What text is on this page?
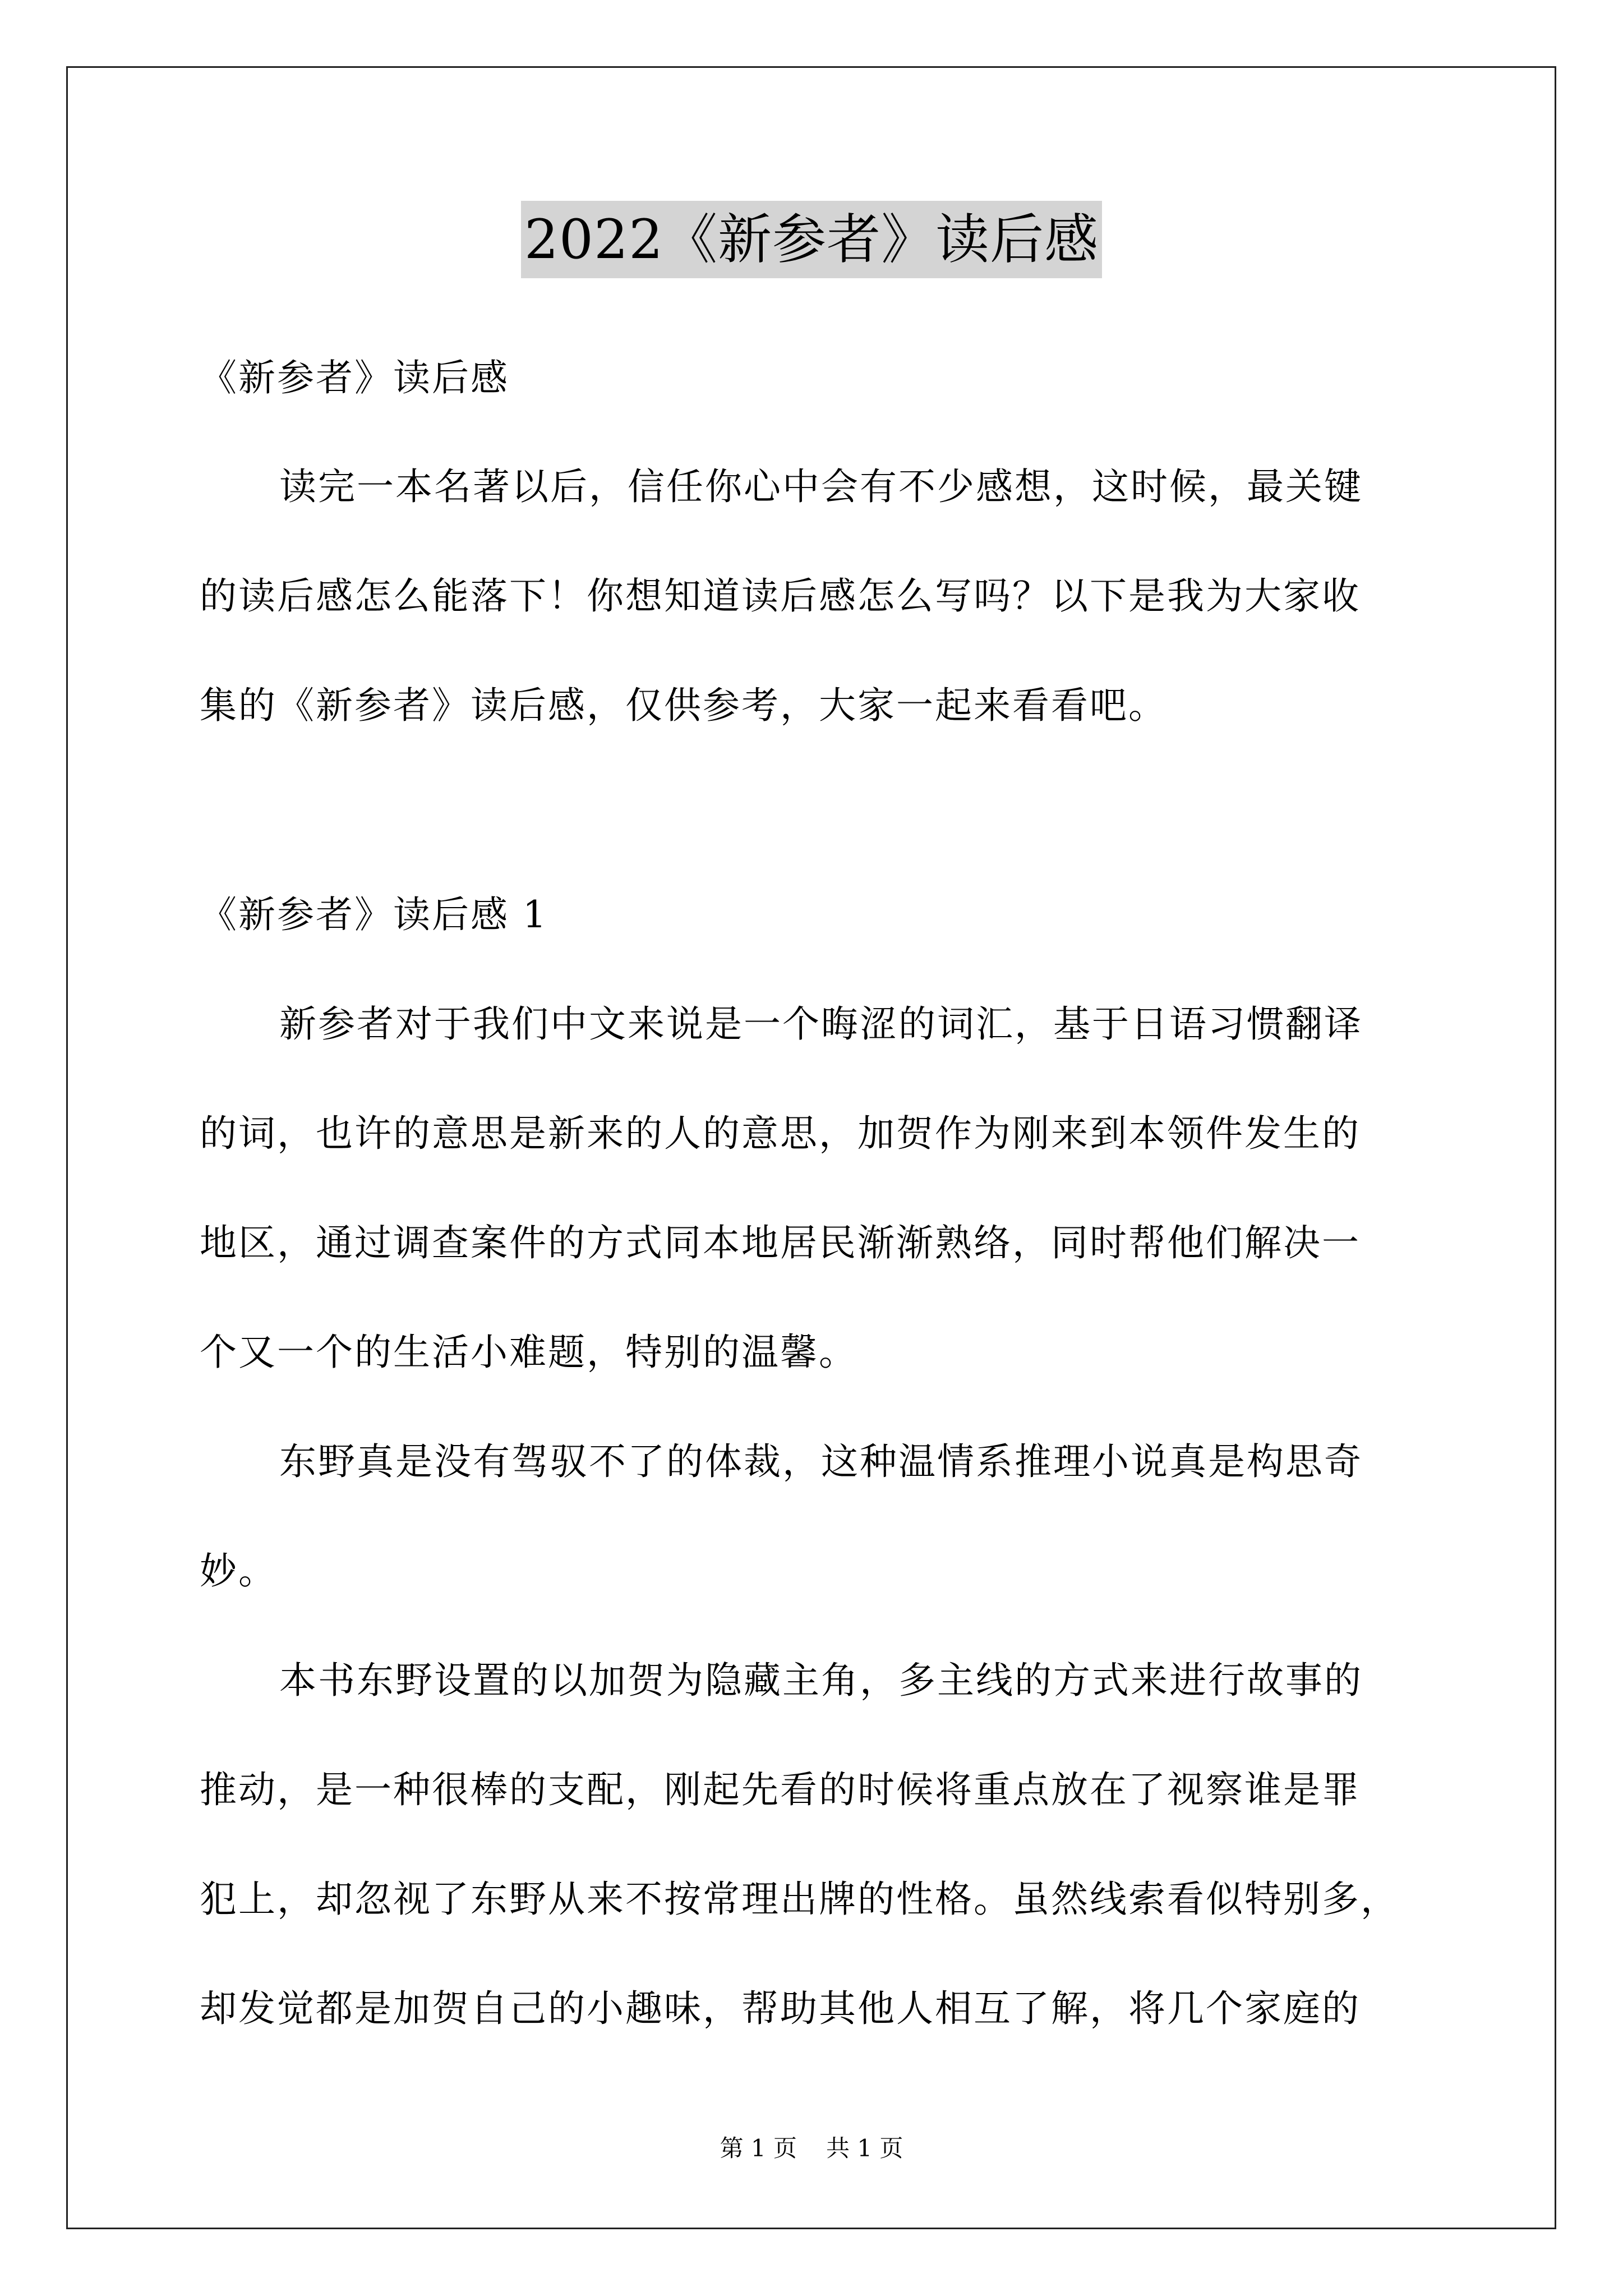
2022《新参者》读后感
《新参者》读后感
读完一本名著以后，信任你心中会有不少感想，这时候，最关键
的读后感怎么能落下！你想知道读后感怎么写吗？以下是我为大家收
集的《新参者》读后感，仅供参考，大家一起来看看吧。
《新参者》读后感 1
新参者对于我们中文来说是一个晦涩的词汇，基于日语习惯翻译
的词，也许的意思是新来的人的意思，加贺作为刚来到本领件发生的
地区，通过调查案件的方式同本地居民渐渐熟络，同时帮他们解决一
个又一个的生活小难题，特别的温馨。
东野真是没有驾驭不了的体裁，这种温情系推理小说真是构思奇
妙。
本书东野设置的以加贺为隐藏主角，多主线的方式来进行故事的
推动，是一种很棒的支配，刚起先看的时候将重点放在了视察谁是罪
犯上，却忽视了东野从来不按常理出牌的性格。虽然线索看似特别多，
却发觉都是加贺自己的小趣味，帮助其他人相互了解，将几个家庭的
第 1 页 共 1 页
